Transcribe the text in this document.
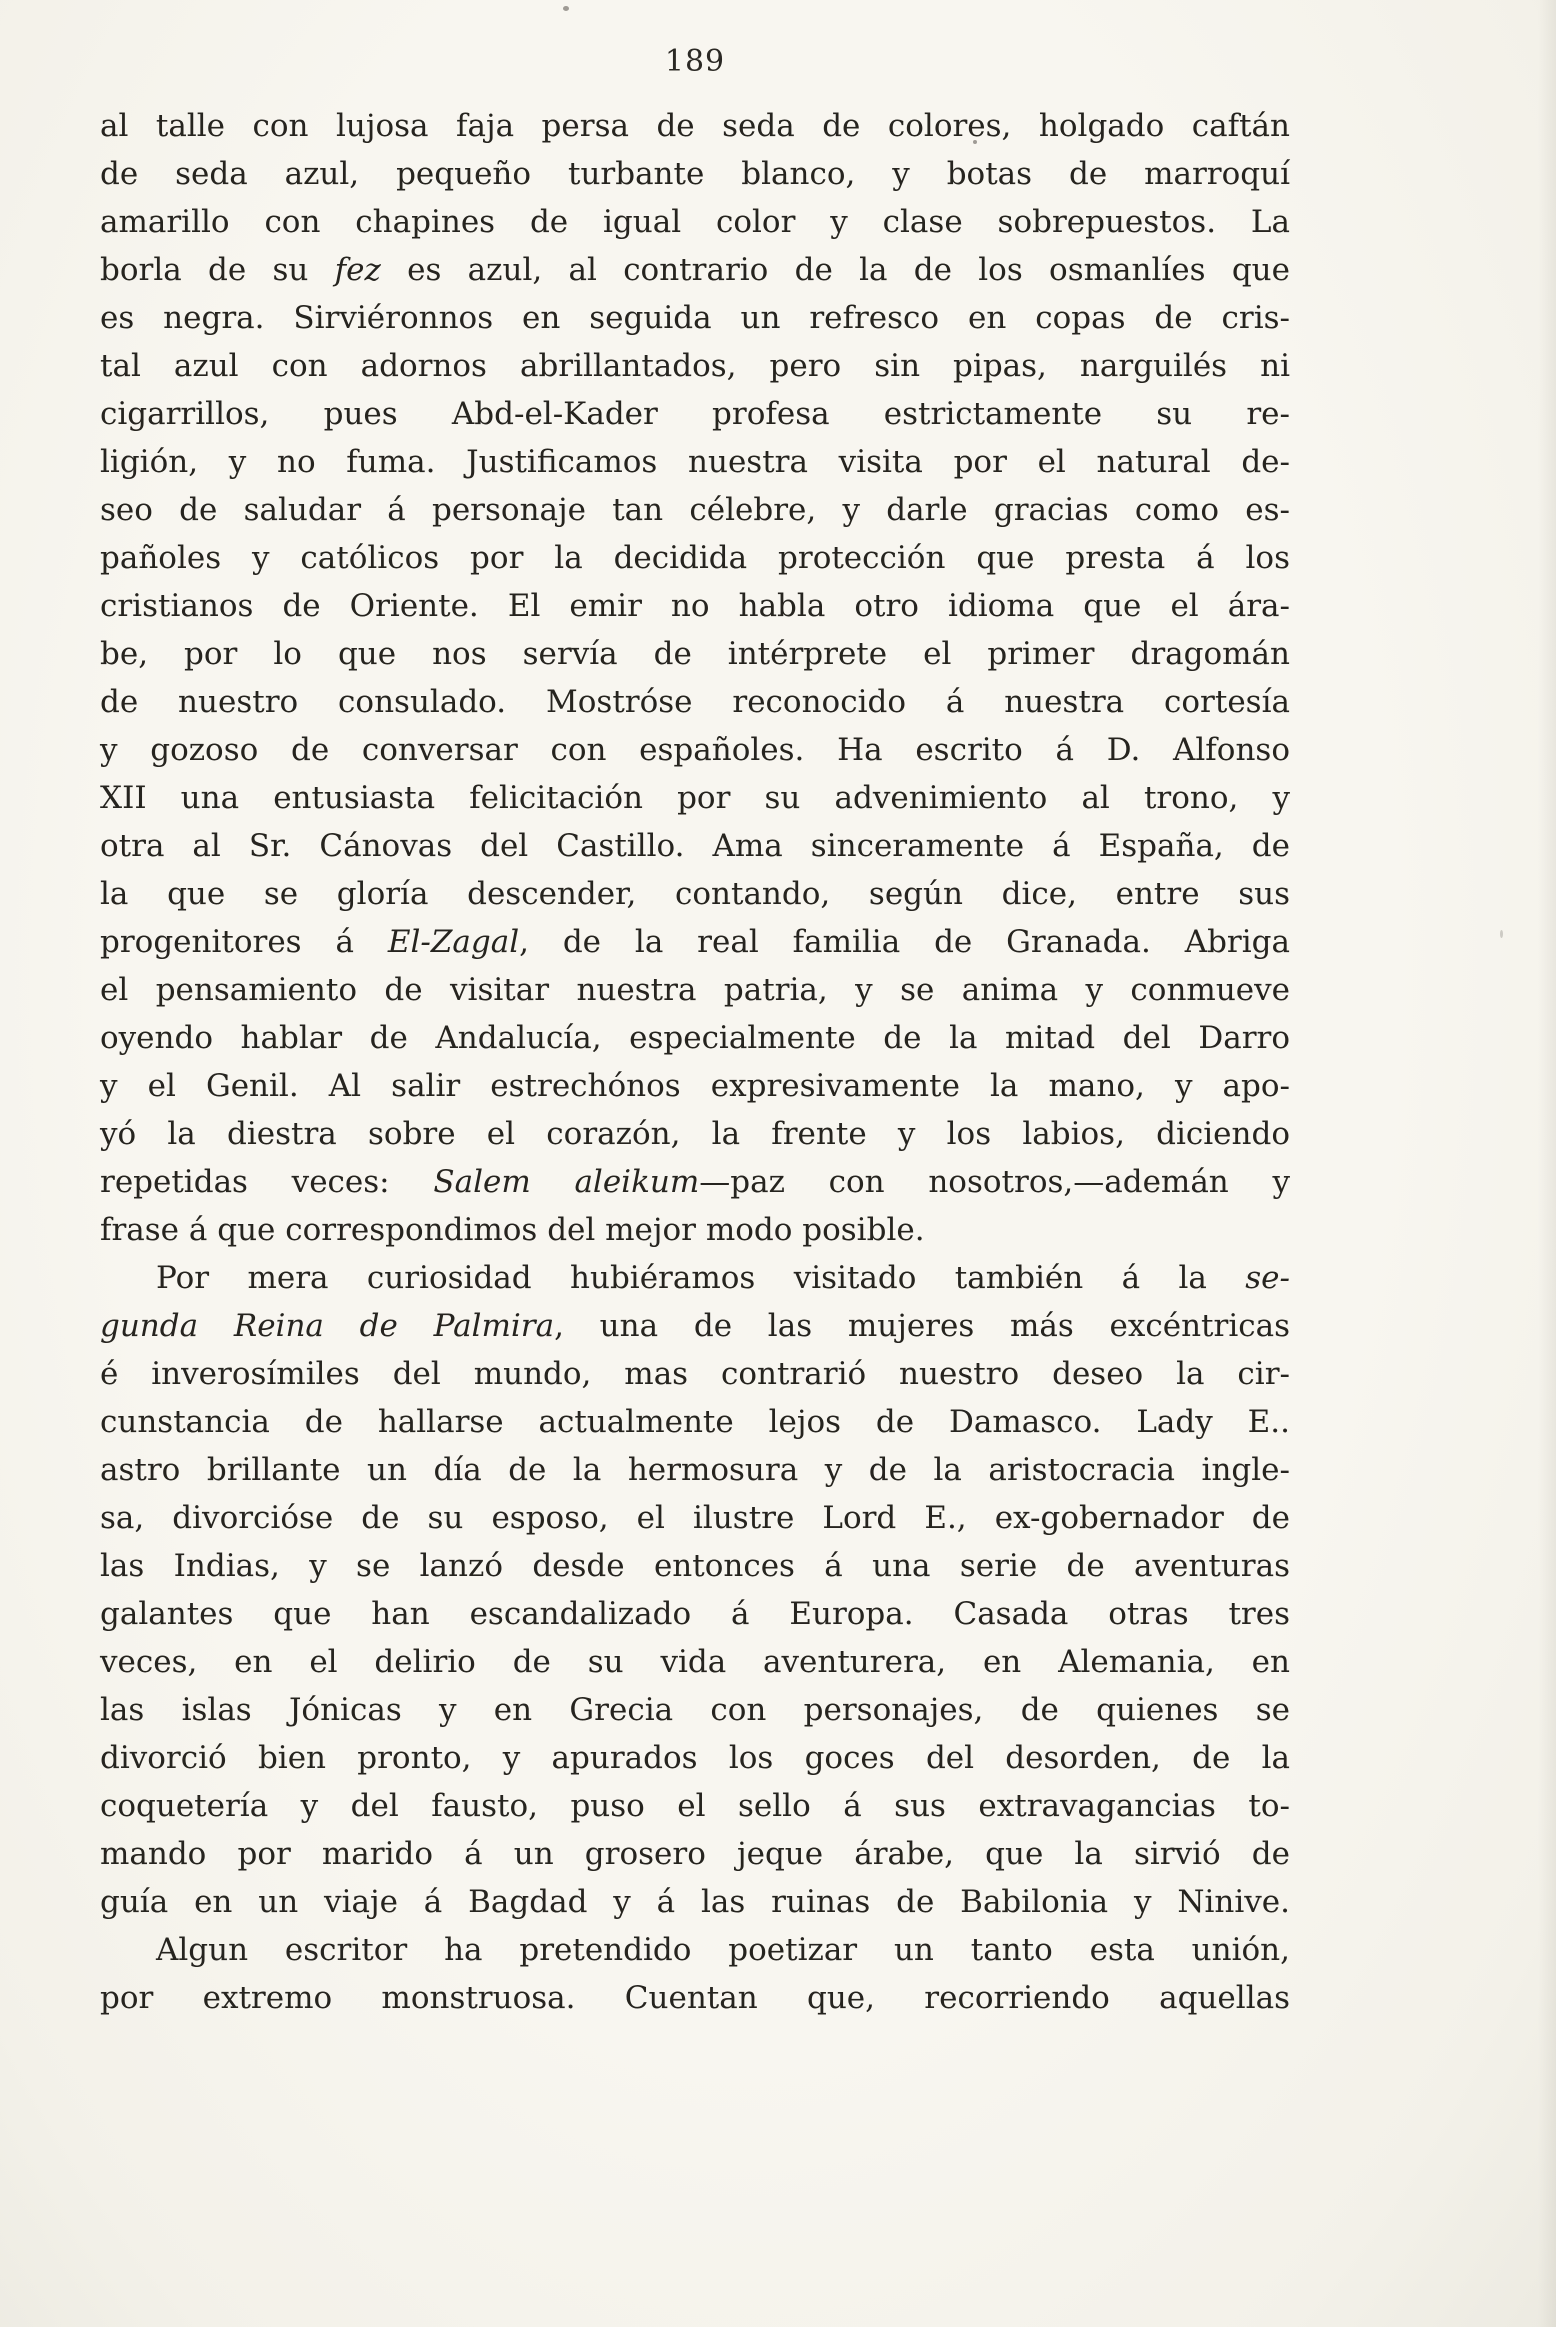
189
al talle con lujosa faja persa de seda de colores, holgado caftán
de seda azul, pequeño turbante blanco, y botas de marroquí
amarillo con chapines de igual color y clase sobrepuestos. La
borla de su fez es azul, al contrario de la de los osmanlíes que
es negra. Sirviéronnos en seguida un refresco en copas de cris-
tal azul con adornos abrillantados, pero sin pipas, narguilés ni
cigarrillos, pues Abd-el-Kader profesa estrictamente su re-
ligión, y no fuma. Justificamos nuestra visita por el natural de-
seo de saludar á personaje tan célebre, y darle gracias como es-
pañoles y católicos por la decidida protección que presta á los
cristianos de Oriente. El emir no habla otro idioma que el ára-
be, por lo que nos servía de intérprete el primer dragomán
de nuestro consulado. Mostróse reconocido á nuestra cortesía
y gozoso de conversar con españoles. Ha escrito á D. Alfonso
XII una entusiasta felicitación por su advenimiento al trono, y
otra al Sr. Cánovas del Castillo. Ama sinceramente á España, de
la que se gloría descender, contando, según dice, entre sus
progenitores á El-Zagal, de la real familia de Granada. Abriga
el pensamiento de visitar nuestra patria, y se anima y conmueve
oyendo hablar de Andalucía, especialmente de la mitad del Darro
y el Genil. Al salir estrechónos expresivamente la mano, y apo-
yó la diestra sobre el corazón, la frente y los labios, diciendo
repetidas veces: Salem aleikum—paz con nosotros,—ademán y
frase á que correspondimos del mejor modo posible.
Por mera curiosidad hubiéramos visitado también á la se-
gunda Reina de Palmira, una de las mujeres más excéntricas
é inverosímiles del mundo, mas contrarió nuestro deseo la cir-
cunstancia de hallarse actualmente lejos de Damasco. Lady E..
astro brillante un día de la hermosura y de la aristocracia ingle-
sa, divorcióse de su esposo, el ilustre Lord E., ex-gobernador de
las Indias, y se lanzó desde entonces á una serie de aventuras
galantes que han escandalizado á Europa. Casada otras tres
veces, en el delirio de su vida aventurera, en Alemania, en
las islas Jónicas y en Grecia con personajes, de quienes se
divorció bien pronto, y apurados los goces del desorden, de la
coquetería y del fausto, puso el sello á sus extravagancias to-
mando por marido á un grosero jeque árabe, que la sirvió de
guía en un viaje á Bagdad y á las ruinas de Babilonia y Ninive.
Algun escritor ha pretendido poetizar un tanto esta unión,
por extremo monstruosa. Cuentan que, recorriendo aquellas
